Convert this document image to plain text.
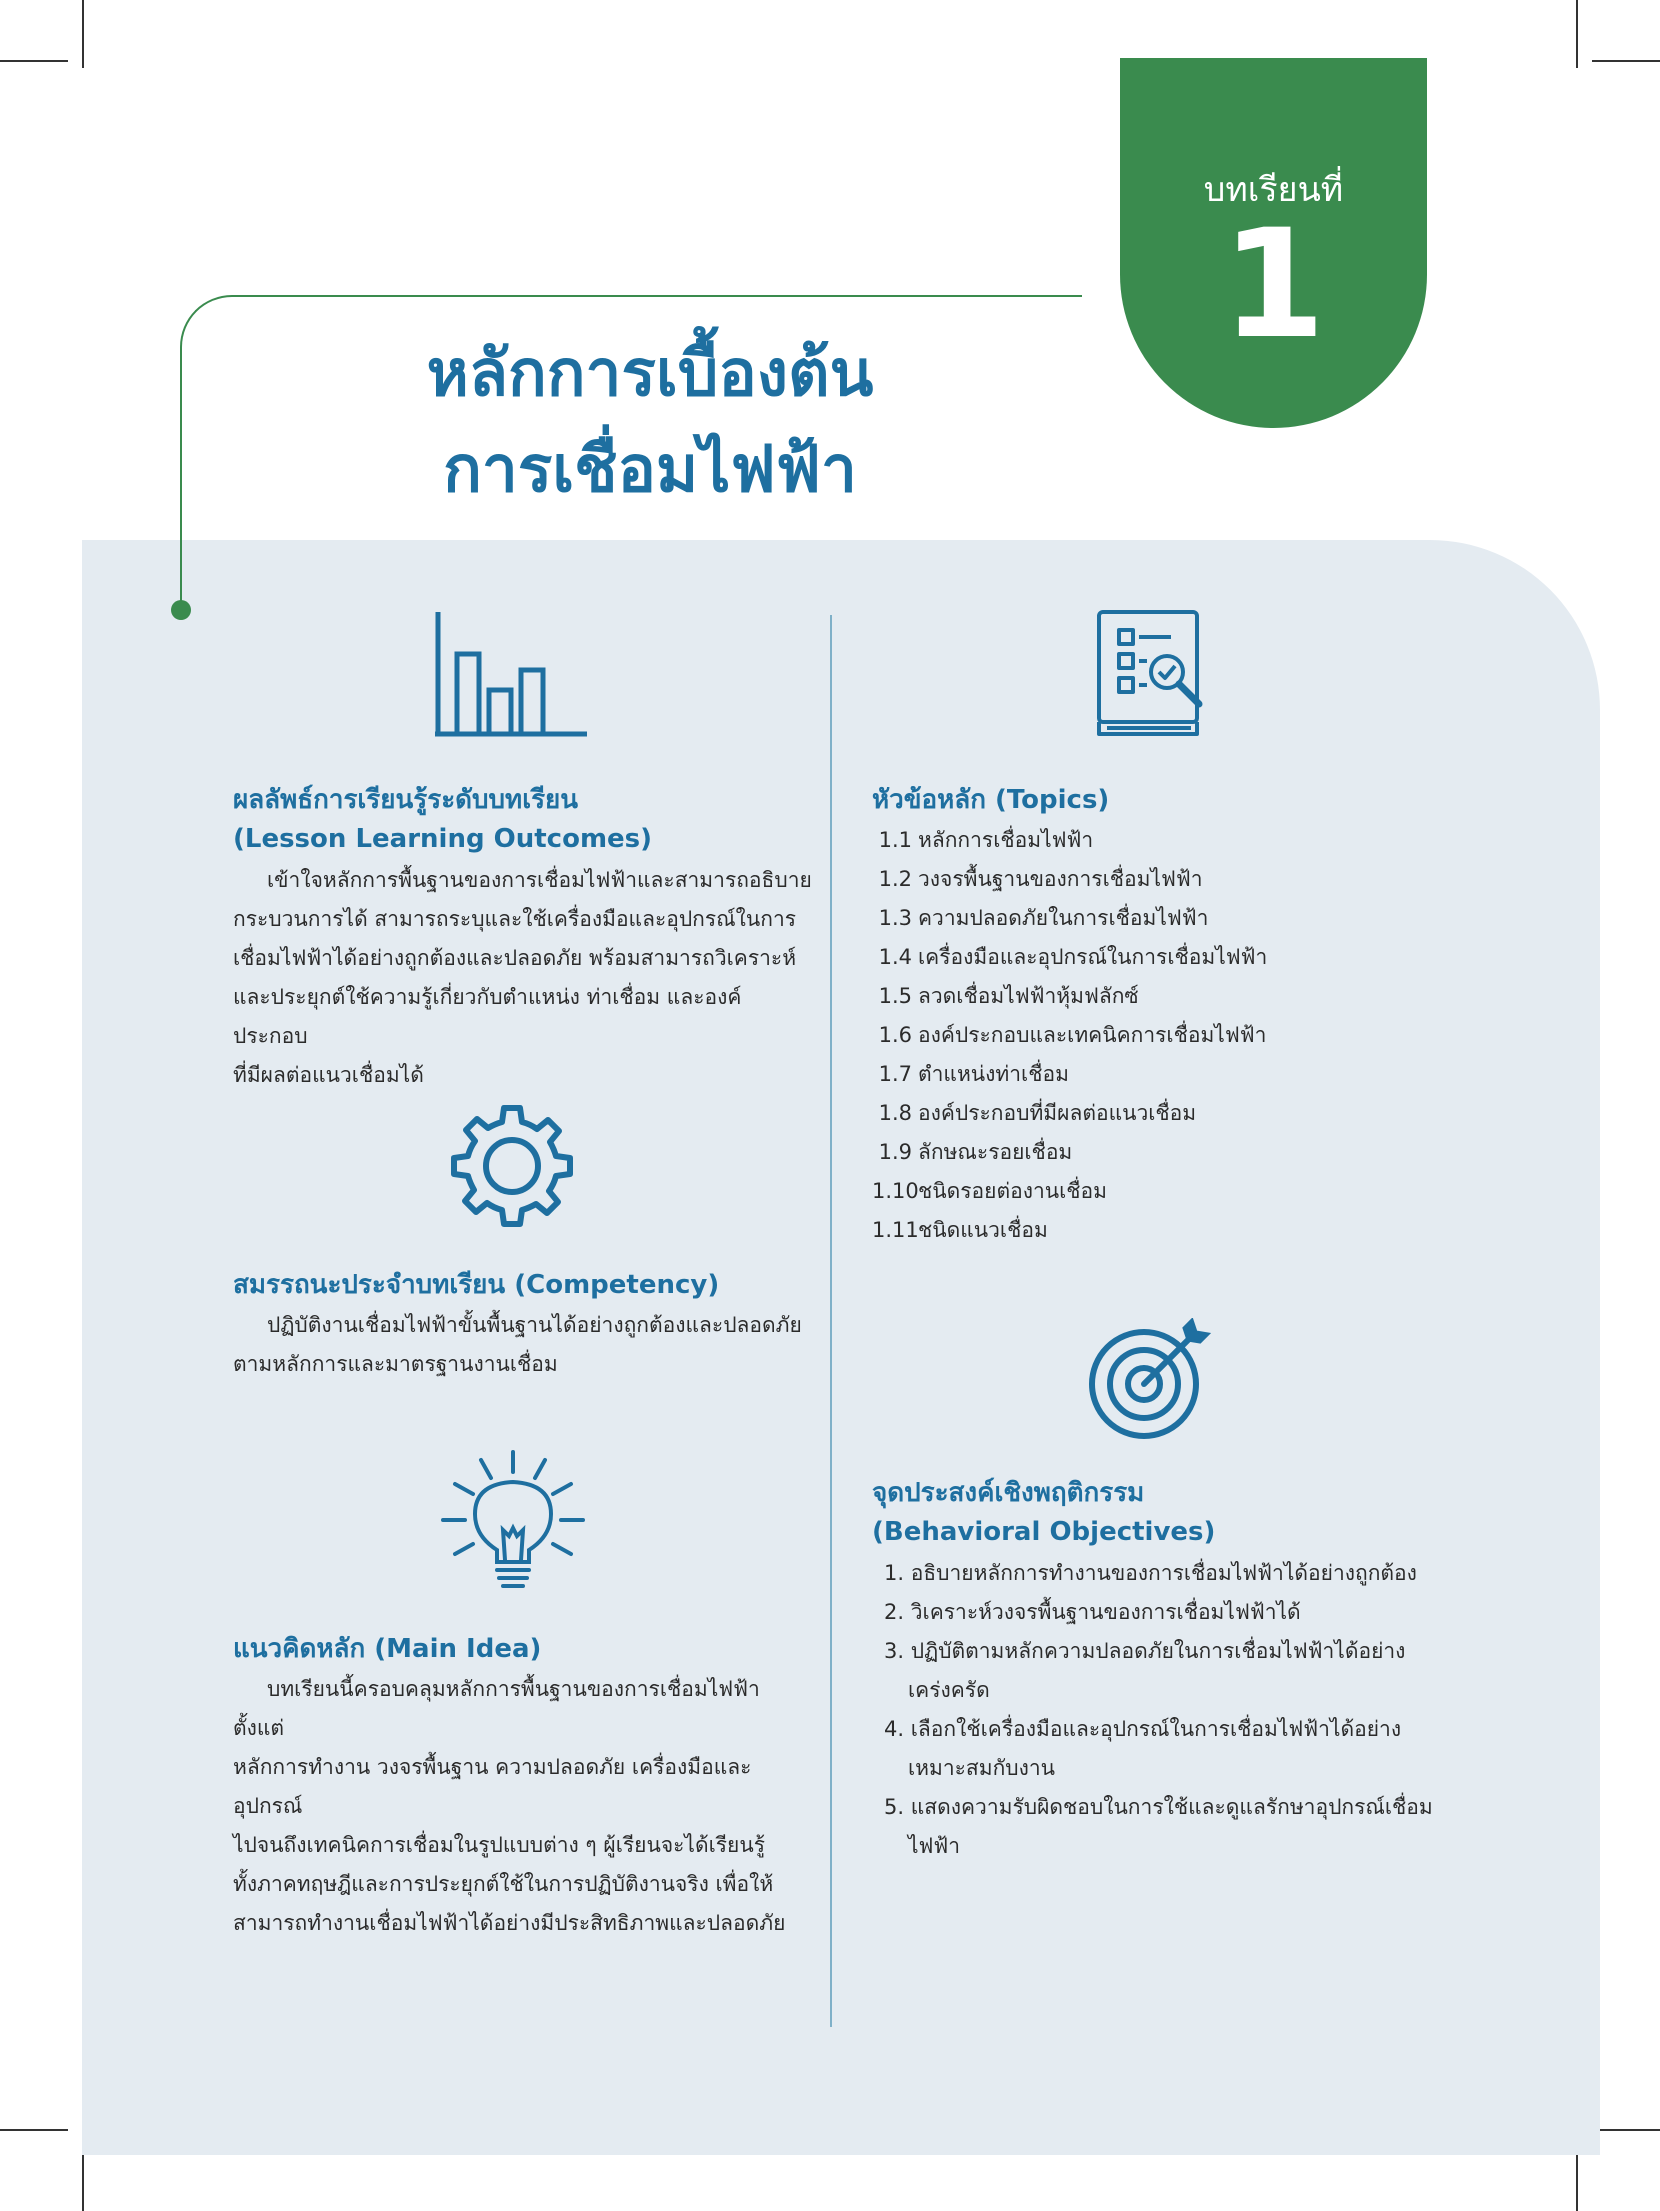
บทเรียนที่
1
หลักการเบื้องต้น
การเชื่อมไฟฟ้า
ผลลัพธ์การเรียนรู้ระดับบทเรียน
(Lesson Learning Outcomes)

เข้าใจหลักการพื้นฐานของการเชื่อมไฟฟ้าและสามารถอธิบาย

กระบวนการได้ สามารถระบุและใช้เครื่องมือและอุปกรณ์ในการ

เชื่อมไฟฟ้าได้อย่างถูกต้องและปลอดภัย พร้อมสามารถวิเคราะห์

และประยุกต์ใช้ความรู้เกี่ยวกับตำแหน่ง ท่าเชื่อม และองค์ประกอบ

ที่มีผลต่อแนวเชื่อมได้

สมรรถนะประจำบทเรียน (Competency)

ปฏิบัติงานเชื่อมไฟฟ้าขั้นพื้นฐานได้อย่างถูกต้องและปลอดภัย

ตามหลักการและมาตรฐานงานเชื่อม

แนวคิดหลัก (Main Idea)

บทเรียนนี้ครอบคลุมหลักการพื้นฐานของการเชื่อมไฟฟ้า ตั้งแต่

หลักการทำงาน วงจรพื้นฐาน ความปลอดภัย เครื่องมือและอุปกรณ์

ไปจนถึงเทคนิคการเชื่อมในรูปแบบต่าง ๆ ผู้เรียนจะได้เรียนรู้

ทั้งภาคทฤษฎีและการประยุกต์ใช้ในการปฏิบัติงานจริง เพื่อให้

สามารถทำงานเชื่อมไฟฟ้าได้อย่างมีประสิทธิภาพและปลอดภัย

หัวข้อหลัก (Topics)
1.1 หลักการเชื่อมไฟฟ้า
1.2 วงจรพื้นฐานของการเชื่อมไฟฟ้า
1.3 ความปลอดภัยในการเชื่อมไฟฟ้า
1.4 เครื่องมือและอุปกรณ์ในการเชื่อมไฟฟ้า
1.5 ลวดเชื่อมไฟฟ้าหุ้มฟลักซ์
1.6 องค์ประกอบและเทคนิคการเชื่อมไฟฟ้า
1.7 ตำแหน่งท่าเชื่อม
1.8 องค์ประกอบที่มีผลต่อแนวเชื่อม
1.9 ลักษณะรอยเชื่อม
1.10ชนิดรอยต่องานเชื่อม
1.11ชนิดแนวเชื่อม
จุดประสงค์เชิงพฤติกรรม
(Behavioral Objectives)
1. อธิบายหลักการทำงานของการเชื่อมไฟฟ้าได้อย่างถูกต้อง
2. วิเคราะห์วงจรพื้นฐานของการเชื่อมไฟฟ้าได้
3. ปฏิบัติตามหลักความปลอดภัยในการเชื่อมไฟฟ้าได้อย่างเคร่งครัด
4. เลือกใช้เครื่องมือและอุปกรณ์ในการเชื่อมไฟฟ้าได้อย่างเหมาะสมกับงาน
5. แสดงความรับผิดชอบในการใช้และดูแลรักษาอุปกรณ์เชื่อมไฟฟ้า
